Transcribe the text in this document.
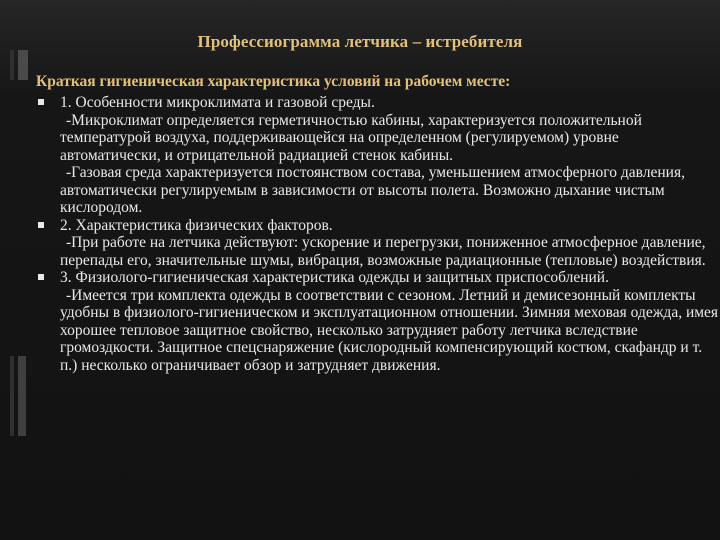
Профессиограмма летчика – истребителя
Краткая гигиеническая характеристика условий на рабочем месте:
1. Особенности микроклимата и газовой среды.

-Микроклимат определяется герметичностью кабины, характеризуется положительной температурой воздуха, поддерживающейся на определенном (регулируемом) уровне автоматически, и отрицательной радиацией стенок кабины.

-Газовая среда характеризуется постоянством состава, уменьшением атмосферного давления, автоматически регулируемым в зависимости от высоты полета. Возможно дыхание чистым кислородом.

2. Характеристика физических факторов.

-При работе на летчика действуют: ускорение и перегрузки, пониженное атмосферное давление, перепады его, значительные шумы, вибрация, возможные радиационные (тепловые) воздействия.

3. Физиолого-гигиеническая характеристика одежды и защитных приспособлений.

-Имеется три комплекта одежды в соответствии с сезоном. Летний и демисезонный комплекты удобны в физиолого-гигиеническом и эксплуатационном отношении. Зимняя меховая одежда, имея хорошее тепловое защитное свойство, несколько затрудняет работу летчика вследствие громоздкости. Защитное спецснаряжение (кислородный компенсирующий костюм, скафандр и т. п.) несколько ограничивает обзор и затрудняет движения.
